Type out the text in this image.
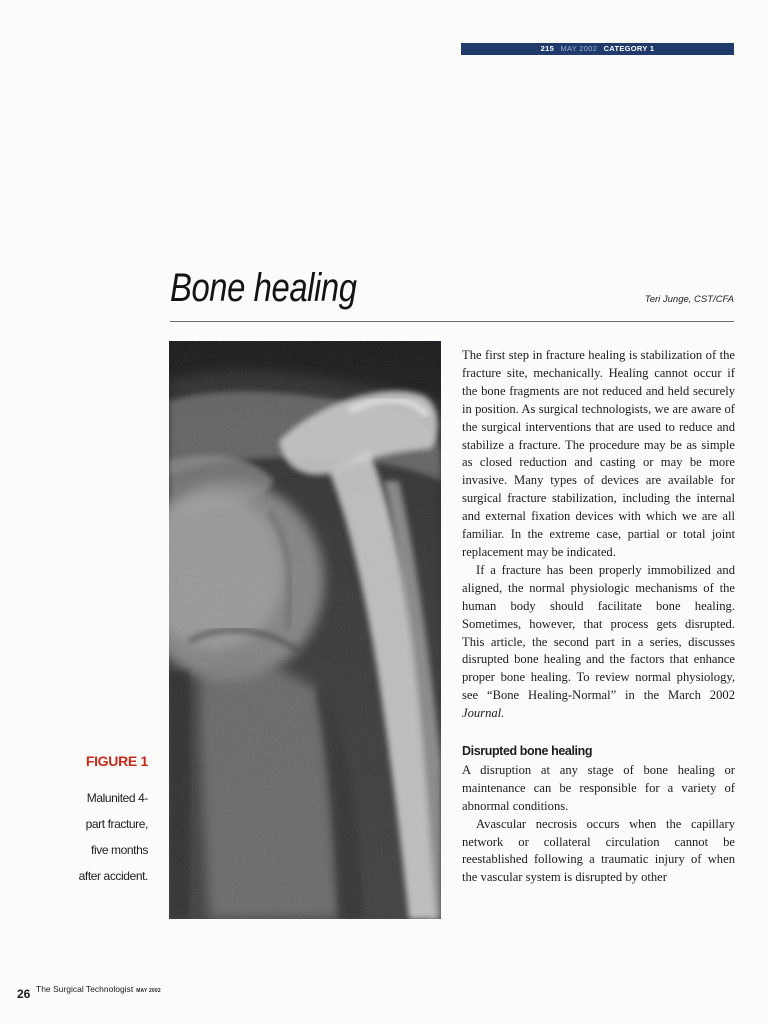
215 MAY 2002 CATEGORY 1
Bone healing	Teri Junge, CST/CFA
FIGURE 1
Malunited 4-
part fracture,
five months
after accident.

The first step in fracture healing is stabilization of the fracture site, mechanically. Healing cannot occur if the bone fragments are not reduced and held securely in position. As surgical technologists, we are aware of the surgical interventions that are used to reduce and stabilize a fracture. The procedure may be as simple as closed reduction and casting or may be more invasive. Many types of devices are available for surgical fracture stabilization, including the internal and external fixation devices with which we are all familiar. In the extreme case, partial or total joint replacement may be indicated.

If a fracture has been properly immobilized and aligned, the normal physiologic mechanisms of the human body should facilitate bone healing. Sometimes, however, that process gets disrupted. This article, the second part in a series, discusses disrupted bone healing and the factors that enhance proper bone healing. To review normal physiology, see “Bone Healing-Normal” in the March 2002 Journal.

Disrupted bone healing

A disruption at any stage of bone healing or maintenance can be responsible for a variety of abnormal conditions.

Avascular necrosis occurs when the capillary network or collateral circulation cannot be reestablished following a traumatic injury of when the vascular system is disrupted by other

26 The Surgical Technologist MAY 2002
